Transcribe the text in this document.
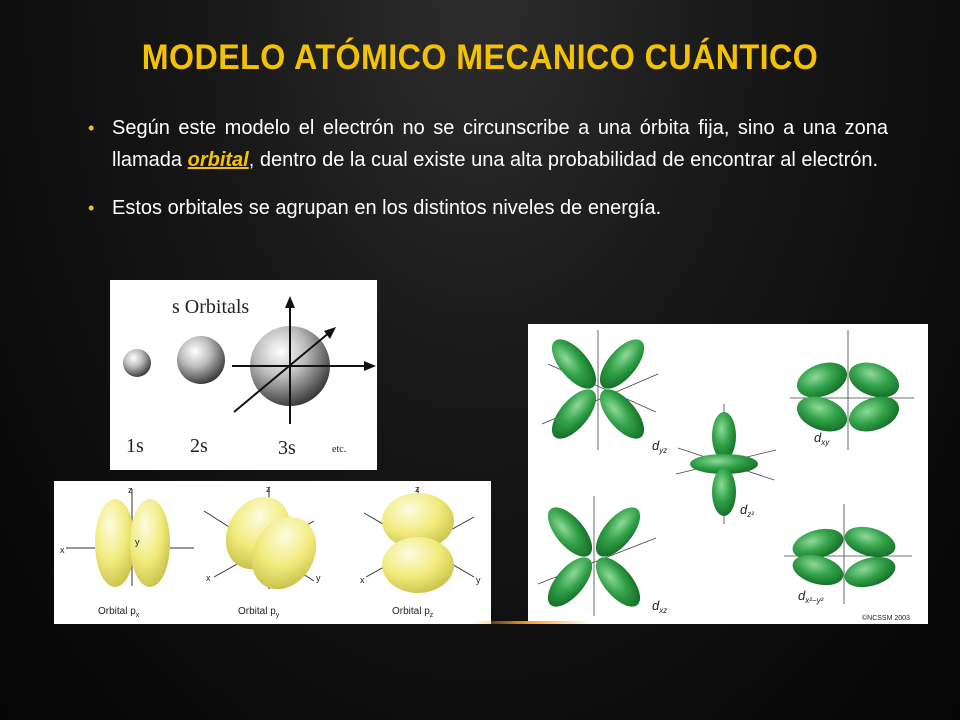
MODELO ATÓMICO MECANICO CUÁNTICO
• Según este modelo el electrón no se circunscribe a una órbita fija, sino a una zona llamada orbital, dentro de la cual existe una alta probabilidad de encontrar al electrón.
• Estos orbitales se agrupan en los distintos niveles de energía.
s Orbitals
1s 2s	3s	etc.
z
x
y
Orbital $p_x$
z
x	y
Orbital $p_y$
z
x	y
Orbital $p_z$
$d_{yz}$
$d_{xy}$
$d_{z^2}$
$d_{xz}$
$d_{x^2-y^2}$
©NCSSM 2003
